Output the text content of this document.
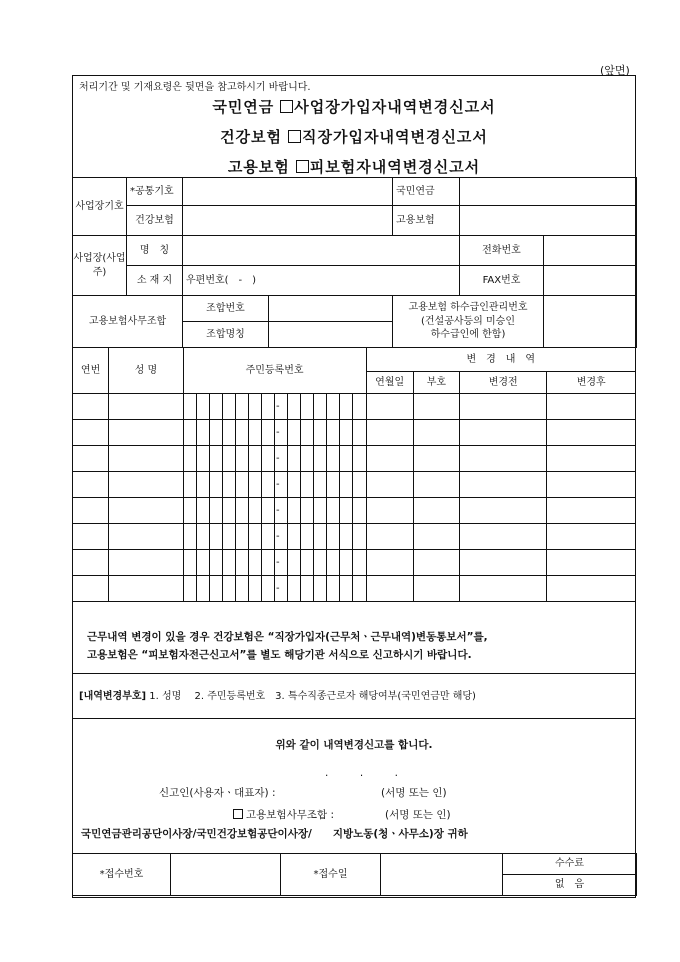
(앞면)
처리기간 및 기재요령은 뒷면을 참고하시기 바랍니다.
국민연금 사업장가입자내역변경신고서
건강보험 직장가입자내역변경신고서
고용보험 피보험자내역변경신고서
사업장기호	*공통기호			국민연금		
	건강보험			고용보험		
사업장(사업주)	명　칭				전화번호	
	소 재 지	우편번호(　-　)			FAX번호	
고용보험사무조합		조합번호		고용보험 하수급인관리번호
(건설공사등의 미승인
하수급인에 한함)		

		조합명칭				
연번	성 명	주민등록번호														변　경　내　역			
																연월일	부호	변경전	변경후
									-										
									-										
									-										
									-										
									-										
									-										
									-										
									-										
근무내역 변경이 있을 경우 건강보험은 “직장가입자(근무처ㆍ근무내역)변동통보서”를,
고용보험은 “피보험자전근신고서”를 별도 해당기관 서식으로 신고하시기 바랍니다.
[내역변경부호] 1. 성명　 2. 주민등록번호　3. 특수직종근로자 해당여부(국민연금만 해당)
위와 같이 내역변경신고를 합니다.
.　　　.　　　.
신고인(사용자ㆍ대표자) :	(서명 또는 인)
고용보험사무조합 :	(서명 또는 인)
국민연금관리공단이사장/국민건강보험공단이사장/　　지방노동(청ㆍ사무소)장 귀하
*접수번호		*접수일		수수료
없　음
